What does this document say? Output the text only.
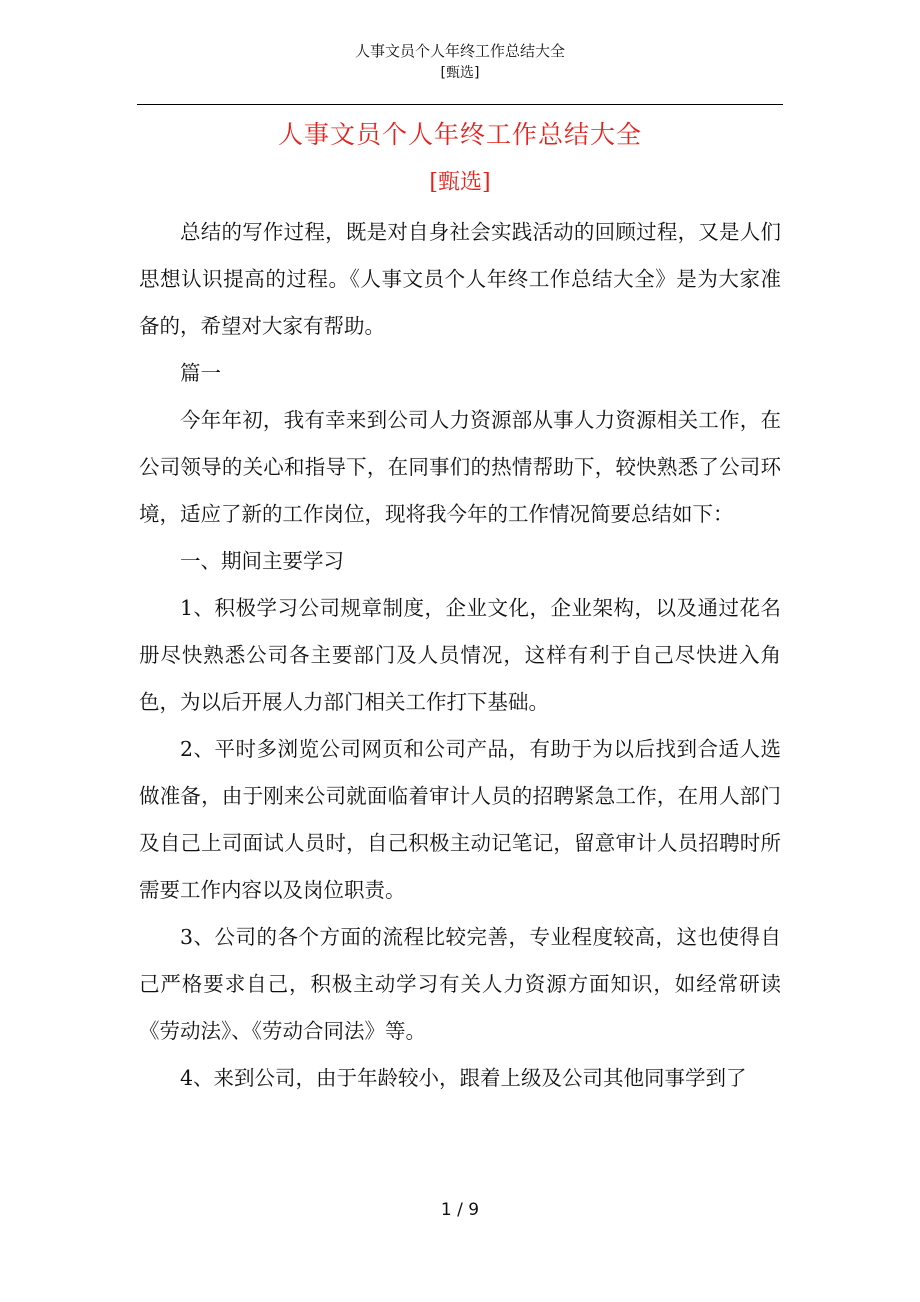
人事文员个人年终工作总结大全
[甄选]
人事文员个人年终工作总结大全
[甄选]

总结的写作过程，既是对自身社会实践活动的回顾过程，又是人们思想认识提高的过程。《人事文员个人年终工作总结大全》是为大家准备的，希望对大家有帮助。

篇一

今年年初，我有幸来到公司人力资源部从事人力资源相关工作，在公司领导的关心和指导下，在同事们的热情帮助下，较快熟悉了公司环境，适应了新的工作岗位，现将我今年的工作情况简要总结如下：

一、期间主要学习

1、积极学习公司规章制度，企业文化，企业架构，以及通过花名册尽快熟悉公司各主要部门及人员情况，这样有利于自己尽快进入角色，为以后开展人力部门相关工作打下基础。

2、平时多浏览公司网页和公司产品，有助于为以后找到合适人选做准备，由于刚来公司就面临着审计人员的招聘紧急工作，在用人部门及自己上司面试人员时，自己积极主动记笔记，留意审计人员招聘时所需要工作内容以及岗位职责。

3、公司的各个方面的流程比较完善，专业程度较高，这也使得自己严格要求自己，积极主动学习有关人力资源方面知识，如经常研读《劳动法》、《劳动合同法》等。

4、来到公司，由于年龄较小，跟着上级及公司其他同事学到了

1 / 9
